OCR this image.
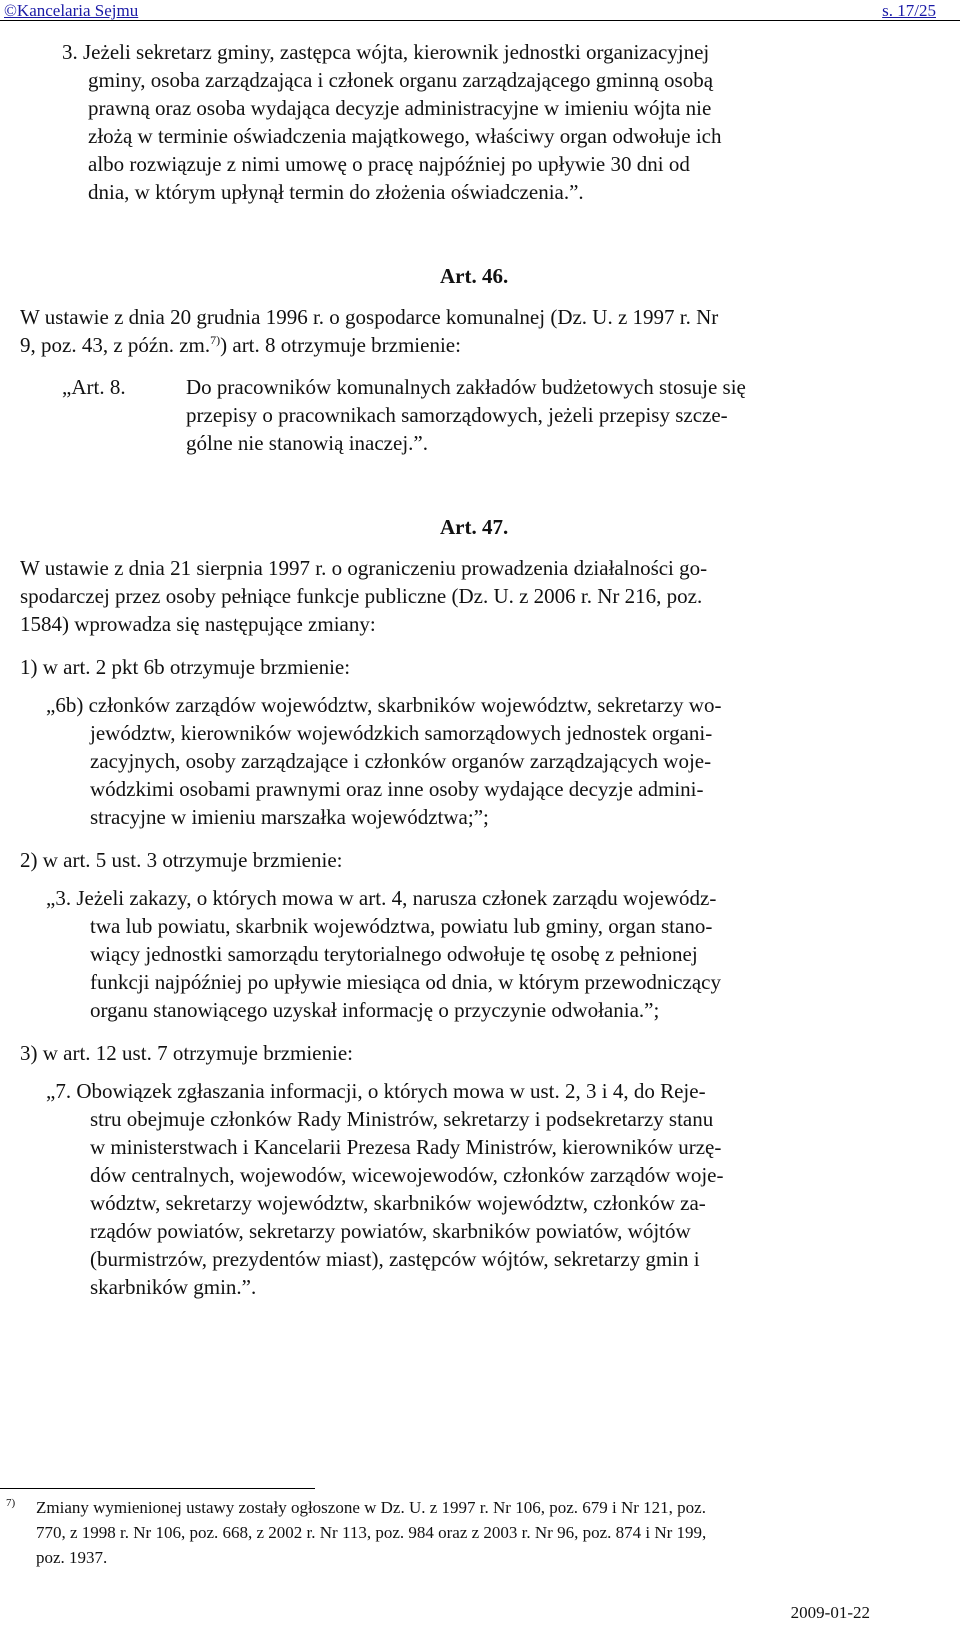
©Kancelaria Sejmu	s. 17/25
3. Jeżeli sekretarz gminy, zastępca wójta, kierownik jednostki organizacyjnej
gminy, osoba zarządzająca i członek organu zarządzającego gminną osobą
prawną oraz osoba wydająca decyzje administracyjne w imieniu wójta nie
złożą w terminie oświadczenia majątkowego, właściwy organ odwołuje ich
albo rozwiązuje z nimi umowę o pracę najpóźniej po upływie 30 dni od
dnia, w którym upłynął termin do złożenia oświadczenia.”.
Art. 46.
W ustawie z dnia 20 grudnia 1996 r. o gospodarce komunalnej (Dz. U. z 1997 r. Nr
9, poz. 43, z późn. zm.$^{7)}$) art. 8 otrzymuje brzmienie:
„Art. 8.	Do pracowników komunalnych zakładów budżetowych stosuje się
przepisy o pracownikach samorządowych, jeżeli przepisy szcze-
gólne nie stanowią inaczej.”.
Art. 47.
W ustawie z dnia 21 sierpnia 1997 r. o ograniczeniu prowadzenia działalności go-
spodarczej przez osoby pełniące funkcje publiczne (Dz. U. z 2006 r. Nr 216, poz.
1584) wprowadza się następujące zmiany:
1) w art. 2 pkt 6b otrzymuje brzmienie:
„6b) członków zarządów województw, skarbników województw, sekretarzy wo-
jewództw, kierowników wojewódzkich samorządowych jednostek organi-
zacyjnych, osoby zarządzające i członków organów zarządzających woje-
wódzkimi osobami prawnymi oraz inne osoby wydające decyzje admini-
stracyjne w imieniu marszałka województwa;”;
2) w art. 5 ust. 3 otrzymuje brzmienie:
„3. Jeżeli zakazy, o których mowa w art. 4, narusza członek zarządu wojewódz-
twa lub powiatu, skarbnik województwa, powiatu lub gminy, organ stano-
wiący jednostki samorządu terytorialnego odwołuje tę osobę z pełnionej
funkcji najpóźniej po upływie miesiąca od dnia, w którym przewodniczący
organu stanowiącego uzyskał informację o przyczynie odwołania.”;
3) w art. 12 ust. 7 otrzymuje brzmienie:
„7. Obowiązek zgłaszania informacji, o których mowa w ust. 2, 3 i 4, do Reje-
stru obejmuje członków Rady Ministrów, sekretarzy i podsekretarzy stanu
w ministerstwach i Kancelarii Prezesa Rady Ministrów, kierowników urzę-
dów centralnych, wojewodów, wicewojewodów, członków zarządów woje-
wództw, sekretarzy województw, skarbników województw, członków za-
rządów powiatów, sekretarzy powiatów, skarbników powiatów, wójtów
(burmistrzów, prezydentów miast), zastępców wójtów, sekretarzy gmin i
skarbników gmin.”.
7) Zmiany wymienionej ustawy zostały ogłoszone w Dz. U. z 1997 r. Nr 106, poz. 679 i Nr 121, poz.
770, z 1998 r. Nr 106, poz. 668, z 2002 r. Nr 113, poz. 984 oraz z 2003 r. Nr 96, poz. 874 i Nr 199,
poz. 1937.
2009-01-22
